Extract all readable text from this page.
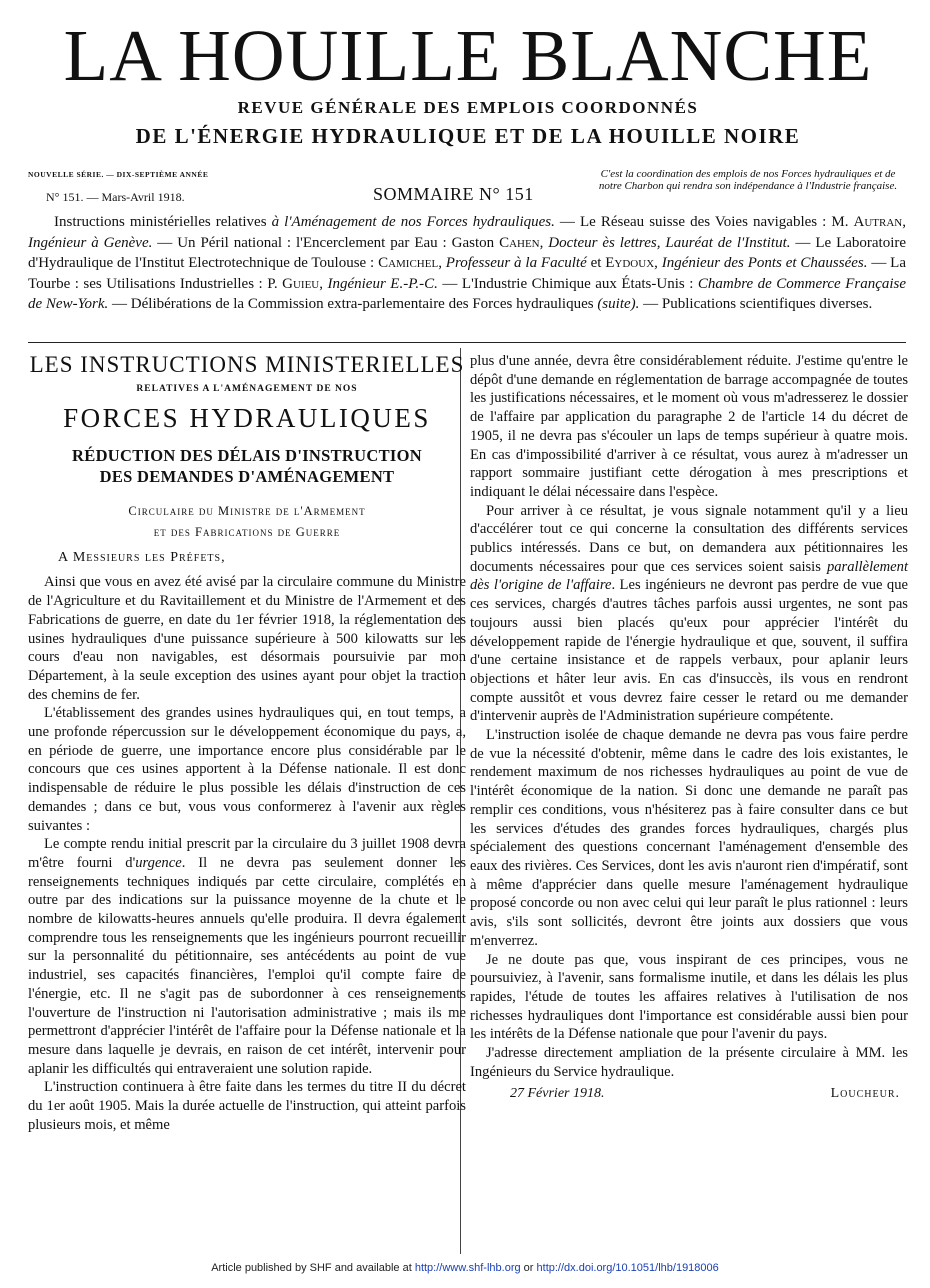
LA HOUILLE BLANCHE
REVUE GÉNÉRALE DES EMPLOIS COORDONNÉS
DE L'ÉNERGIE HYDRAULIQUE ET DE LA HOUILLE NOIRE
NOUVELLE SÉRIE. — DIX-SEPTIÈME ANNÉE
N° 151. — Mars-Avril 1918.	SOMMAIRE N° 151
C'est la coordination des emplois de nos Forces hydrauliques et de notre Charbon qui rendra son indépendance à l'Industrie française.
Instructions ministérielles relatives à l'Aménagement de nos Forces hydrauliques. — Le Réseau suisse des Voies navigables : M. Autran, Ingénieur à Genève. — Un Péril national : l'Encerclement par Eau : Gaston Cahen, Docteur ès lettres, Lauréat de l'Institut. — Le Laboratoire d'Hydraulique de l'Institut Electrotechnique de Toulouse : Camichel, Professeur à la Faculté et Eydoux, Ingénieur des Ponts et Chaussées. — La Tourbe : ses Utilisations Industrielles : P. Guieu, Ingénieur E.-P.-C. — L'Industrie Chimique aux États-Unis : Chambre de Commerce Française de New-York. — Délibérations de la Commission extra-parlementaire des Forces hydrauliques (suite). — Publications scientifiques diverses.
LES INSTRUCTIONS MINISTERIELLES
RELATIVES A L'AMÉNAGEMENT DE NOS
FORCES HYDRAULIQUES
RÉDUCTION DES DÉLAIS D'INSTRUCTION
DES DEMANDES D'AMÉNAGEMENT
Circulaire du Ministre de l'Armement
et des Fabrications de Guerre
A Messieurs les Préfets,

Ainsi que vous en avez été avisé par la circulaire commune du Ministre de l'Agriculture et du Ravitaillement et du Ministre de l'Armement et des Fabrications de guerre, en date du 1er février 1918, la réglementation des usines hydrauliques d'une puissance supérieure à 500 kilowatts sur les cours d'eau non navigables, est désormais poursuivie par mon Département, à la seule exception des usines ayant pour objet la traction des chemins de fer.

L'établissement des grandes usines hydrauliques qui, en tout temps, a une profonde répercussion sur le développement économique du pays, a, en période de guerre, une importance encore plus considérable par le concours que ces usines apportent à la Défense nationale. Il est donc indispensable de réduire le plus possible les délais d'instruction de ces demandes ; dans ce but, vous vous conformerez à l'avenir aux règles suivantes :

Le compte rendu initial prescrit par la circulaire du 3 juillet 1908 devra m'être fourni d'urgence. Il ne devra pas seulement donner les renseignements techniques indiqués par cette circulaire, complétés en outre par des indications sur la puissance moyenne de la chute et le nombre de kilowatts-heures annuels qu'elle produira. Il devra également comprendre tous les renseignements que les ingénieurs pourront recueillir sur la personnalité du pétitionnaire, ses antécédents au point de vue industriel, ses capacités financières, l'emploi qu'il compte faire de l'énergie, etc. Il ne s'agit pas de subordonner à ces renseignements l'ouverture de l'instruction ni l'autorisation administrative ; mais ils me permettront d'apprécier l'intérêt de l'affaire pour la Défense nationale et la mesure dans laquelle je devrais, en raison de cet intérêt, intervenir pour aplanir les difficultés qui entraveraient une solution rapide.

L'instruction continuera à être faite dans les termes du titre II du décret du 1er août 1905. Mais la durée actuelle de l'instruction, qui atteint parfois plusieurs mois, et même

plus d'une année, devra être considérablement réduite. J'estime qu'entre le dépôt d'une demande en réglementation de barrage accompagnée de toutes les justifications nécessaires, et le moment où vous m'adresserez le dossier de l'affaire par application du paragraphe 2 de l'article 14 du décret de 1905, il ne devra pas s'écouler un laps de temps supérieur à quatre mois. En cas d'impossibilité d'arriver à ce résultat, vous aurez à m'adresser un rapport sommaire justifiant cette dérogation à mes prescriptions et indiquant le délai nécessaire dans l'espèce.

Pour arriver à ce résultat, je vous signale notamment qu'il y a lieu d'accélérer tout ce qui concerne la consultation des différents services publics intéressés. Dans ce but, on demandera aux pétitionnaires les documents nécessaires pour que ces services soient saisis parallèlement dès l'origine de l'affaire. Les ingénieurs ne devront pas perdre de vue que ces services, chargés d'autres tâches parfois aussi urgentes, ne sont pas toujours aussi bien placés qu'eux pour apprécier l'intérêt du développement rapide de l'énergie hydraulique et que, souvent, il suffira d'une certaine insistance et de rappels verbaux, pour aplanir leurs objections et hâter leur avis. En cas d'insuccès, ils vous en rendront compte aussitôt et vous devrez faire cesser le retard ou me demander d'intervenir auprès de l'Administration supérieure compétente.

L'instruction isolée de chaque demande ne devra pas vous faire perdre de vue la nécessité d'obtenir, même dans le cadre des lois existantes, le rendement maximum de nos richesses hydrauliques au point de vue de l'intérêt économique de la nation. Si donc une demande ne paraît pas remplir ces conditions, vous n'hésiterez pas à faire consulter dans ce but les services d'études des grandes forces hydrauliques, chargés plus spécialement des questions concernant l'aménagement d'ensemble des eaux des rivières. Ces Services, dont les avis n'auront rien d'impératif, sont à même d'apprécier dans quelle mesure l'aménagement hydraulique proposé concorde ou non avec celui qui leur paraît le plus rationnel : leurs avis, s'ils sont sollicités, devront être joints aux dossiers que vous m'enverrez.

Je ne doute pas que, vous inspirant de ces principes, vous ne poursuiviez, à l'avenir, sans formalisme inutile, et dans les délais les plus rapides, l'étude de toutes les affaires relatives à l'utilisation de nos richesses hydrauliques dont l'importance est considérable aussi bien pour les intérêts de la Défense nationale que pour l'avenir du pays.

J'adresse directement ampliation de la présente circulaire à MM. les Ingénieurs du Service hydraulique.

27 Février 1918.	Loucheur.
Article published by SHF and available at http://www.shf-lhb.org or http://dx.doi.org/10.1051/lhb/1918006
